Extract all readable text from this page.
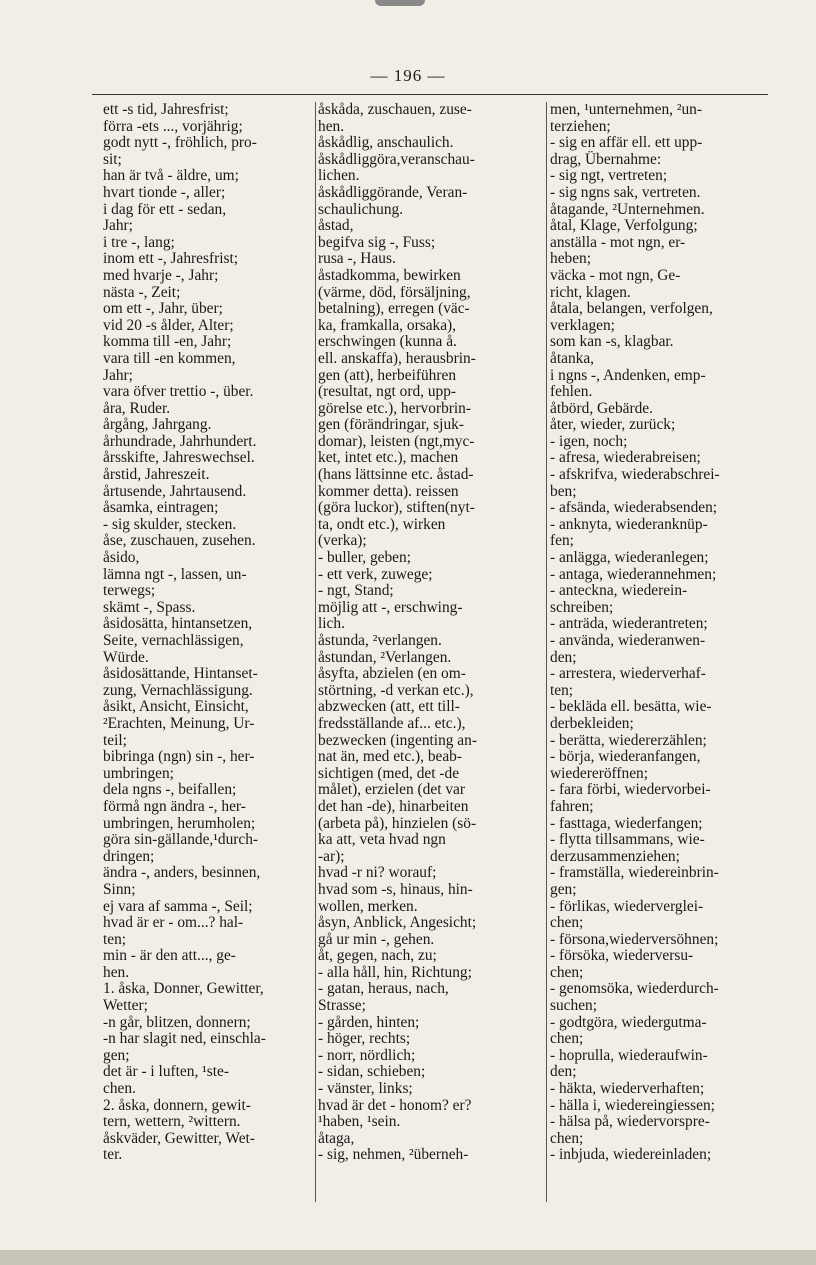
— 196 —
ett -s tid, Jahresfrist;
förra -ets ..., vorjährig;
godt nytt -, fröhlich, pro-
sit;
han är två - äldre, um;
hvart tionde -, aller;
i dag för ett - sedan,
Jahr;
i tre -, lang;
inom ett -, Jahresfrist;
med hvarje -, Jahr;
nästa -, Zeit;
om ett -, Jahr, über;
vid 20 -s ålder, Alter;
komma till -en, Jahr;
vara till -en kommen,
Jahr;
vara öfver trettio -, über.
åra, Ruder.
årgång, Jahrgang.
århundrade, Jahrhundert.
årsskifte, Jahreswechsel.
årstid, Jahreszeit.
årtusende, Jahrtausend.
åsamka, eintragen;
- sig skulder, stecken.
åse, zuschauen, zusehen.
åsido,
lämna ngt -, lassen, un-
terwegs;
skämt -, Spass.
åsidosätta, hintansetzen,
Seite, vernachlässigen,
Würde.
åsidosättande, Hintanset-
zung, Vernachlässigung.
åsikt, Ansicht, Einsicht,
²Erachten, Meinung, Ur-
teil;
bibringa (ngn) sin -, her-
umbringen;
dela ngns -, beifallen;
förmå ngn ändra -, her-
umbringen, herumholen;
göra sin-gällande,¹durch-
dringen;
ändra -, anders, besinnen,
Sinn;
ej vara af samma -, Seil;
hvad är er - om...? hal-
ten;
min - är den att..., ge-
hen.
1. åska, Donner, Gewitter,
Wetter;
-n går, blitzen, donnern;
-n har slagit ned, einschla-
gen;
det är - i luften, ¹ste-
chen.
2. åska, donnern, gewit-
tern, wettern, ²wittern.
åskväder, Gewitter, Wet-
ter.
åskåda, zuschauen, zuse-
hen.
åskådlig, anschaulich.
åskådliggöra,veranschau-
lichen.
åskådliggörande, Veran-
schaulichung.
åstad,
begifva sig -, Fuss;
rusa -, Haus.
åstadkomma, bewirken
(värme, död, försäljning,
betalning), erregen (väc-
ka, framkalla, orsaka),
erschwingen (kunna å.
ell. anskaffa), herausbrin-
gen (att), herbeiführen
(resultat, ngt ord, upp-
görelse etc.), hervorbrin-
gen (förändringar, sjuk-
domar), leisten (ngt,myc-
ket, intet etc.), machen
(hans lättsinne etc. åstad-
kommer detta). reissen
(göra luckor), stiften(nyt-
ta, ondt etc.), wirken
(verka);
- buller, geben;
- ett verk, zuwege;
- ngt, Stand;
möjlig att -, erschwing-
lich.
åstunda, ²verlangen.
åstundan, ²Verlangen.
åsyfta, abzielen (en om-
störtning, -d verkan etc.),
abzwecken (att, ett till-
fredsställande af... etc.),
bezwecken (ingenting an-
nat än, med etc.), beab-
sichtigen (med, det -de
målet), erzielen (det var
det han -de), hinarbeiten
(arbeta på), hinzielen (sö-
ka att, veta hvad ngn
-ar);
hvad -r ni? worauf;
hvad som -s, hinaus, hin-
wollen, merken.
åsyn, Anblick, Angesicht;
gå ur min -, gehen.
åt, gegen, nach, zu;
- alla håll, hin, Richtung;
- gatan, heraus, nach,
Strasse;
- gården, hinten;
- höger, rechts;
- norr, nördlich;
- sidan, schieben;
- vänster, links;
hvad är det - honom? er?
¹haben, ¹sein.
åtaga,
- sig, nehmen, ²überneh-
men, ¹unternehmen, ²un-
terziehen;
- sig en affär ell. ett upp-
drag, Übernahme:
- sig ngt, vertreten;
- sig ngns sak, vertreten.
åtagande, ²Unternehmen.
åtal, Klage, Verfolgung;
anställa - mot ngn, er-
heben;
väcka - mot ngn, Ge-
richt, klagen.
åtala, belangen, verfolgen,
verklagen;
som kan -s, klagbar.
åtanka,
i ngns -, Andenken, emp-
fehlen.
åtbörd, Gebärde.
åter, wieder, zurück;
- igen, noch;
- afresa, wiederabreisen;
- afskrifva, wiederabschrei-
ben;
- afsända, wiederabsenden;
- anknyta, wiederanknüp-
fen;
- anlägga, wiederanlegen;
- antaga, wiederannehmen;
- anteckna, wiederein-
schreiben;
- anträda, wiederantreten;
- använda, wiederanwen-
den;
- arrestera, wiederverhaf-
ten;
- bekläda ell. besätta, wie-
derbekleiden;
- berätta, wiedererzählen;
- börja, wiederanfangen,
wiedereröffnen;
- fara förbi, wiedervorbei-
fahren;
- fasttaga, wiederfangen;
- flytta tillsammans, wie-
derzusammenziehen;
- framställa, wiedereinbrin-
gen;
- förlikas, wiederverglei-
chen;
- försona,wiederversöhnen;
- försöka, wiederversu-
chen;
- genomsöka, wiederdurch-
suchen;
- godtgöra, wiedergutma-
chen;
- hoprulla, wiederaufwin-
den;
- häkta, wiederverhaften;
- hälla i, wiedereingiessen;
- hälsa på, wiedervorspre-
chen;
- inbjuda, wiedereinladen;
